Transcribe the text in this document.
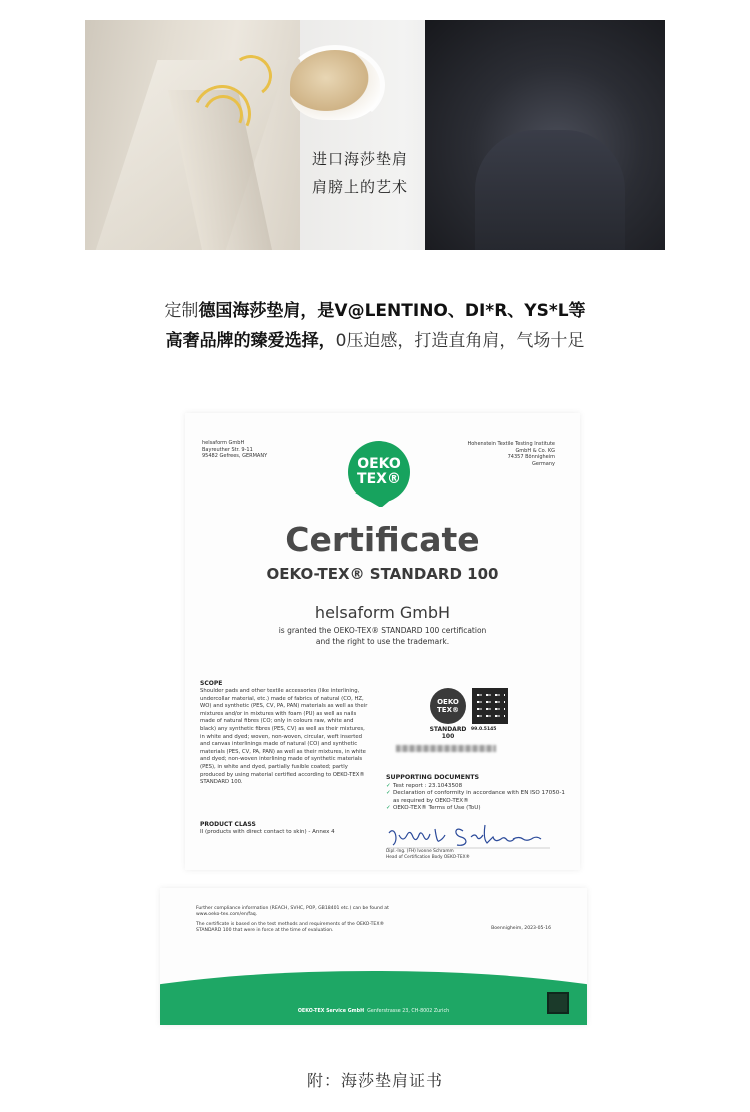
进口海莎垫肩
肩膀上的艺术
定制德国海莎垫肩，是V@LENTINO、DI*R、YS*L等
高奢品牌的臻爱选择，0压迫感，打造直角肩，气场十足
helsaform GmbH
Bayreuther Str. 9-11
95482 Gefrees, GERMANY
Hohenstein Textile Testing Institute
GmbH & Co. KG
74357 Bönnigheim
Germany
OEKO
TEX®
Certificate
OEKO-TEX® STANDARD 100
helsaform GmbH
is granted the OEKO-TEX® STANDARD 100 certification
and the right to use the trademark.
SCOPE
Shoulder pads and other textile accessories (like interlining, undercollar material, etc.) made of fabrics of natural (CO, HZ, WO) and synthetic (PES, CV, PA, PAN) materials as well as their mixtures and/or in mixtures with foam (PU) as well as nails made of natural fibres (CO; only in colours raw, white and black) any synthetic fibres (PES, CV) as well as their mixtures, in white and dyed; woven, non-woven, circular, weft inserted and canvas interlinings made of natural (CO) and synthetic materials (PES, CV, PA, PAN) as well as their mixtures, in white and dyed; non-woven interlining made of synthetic materials (PES), in white and dyed, partially fusible coated; partly produced by using material certified according to OEKO-TEX® STANDARD 100.
PRODUCT CLASS
II (products with direct contact to skin) - Annex 4
OEKO
TEX®
STANDARD
100
99.0.5145
SUPPORTING DOCUMENTS
✓ Test report : 23.1043508
✓ Declaration of conformity in accordance with EN ISO 17050-1 as required by OEKO-TEX®
✓ OEKO-TEX® Terms of Use (ToU)
Dipl.-Ing. (FH) Ivonne Schramm
Head of Certification Body OEKO-TEX®
Further compliance information (REACH, SVHC, POP, GB18401 etc.) can be found at www.oeko-tex.com/en/faq.
The certificate is based on the test methods and requirements of the OEKO-TEX® STANDARD 100 that were in force at the time of evaluation.	Boennigheim, 2023-05-16
OEKO-TEX Service GmbH Genferstrasse 23, CH-8002 Zurich
附：海莎垫肩证书
